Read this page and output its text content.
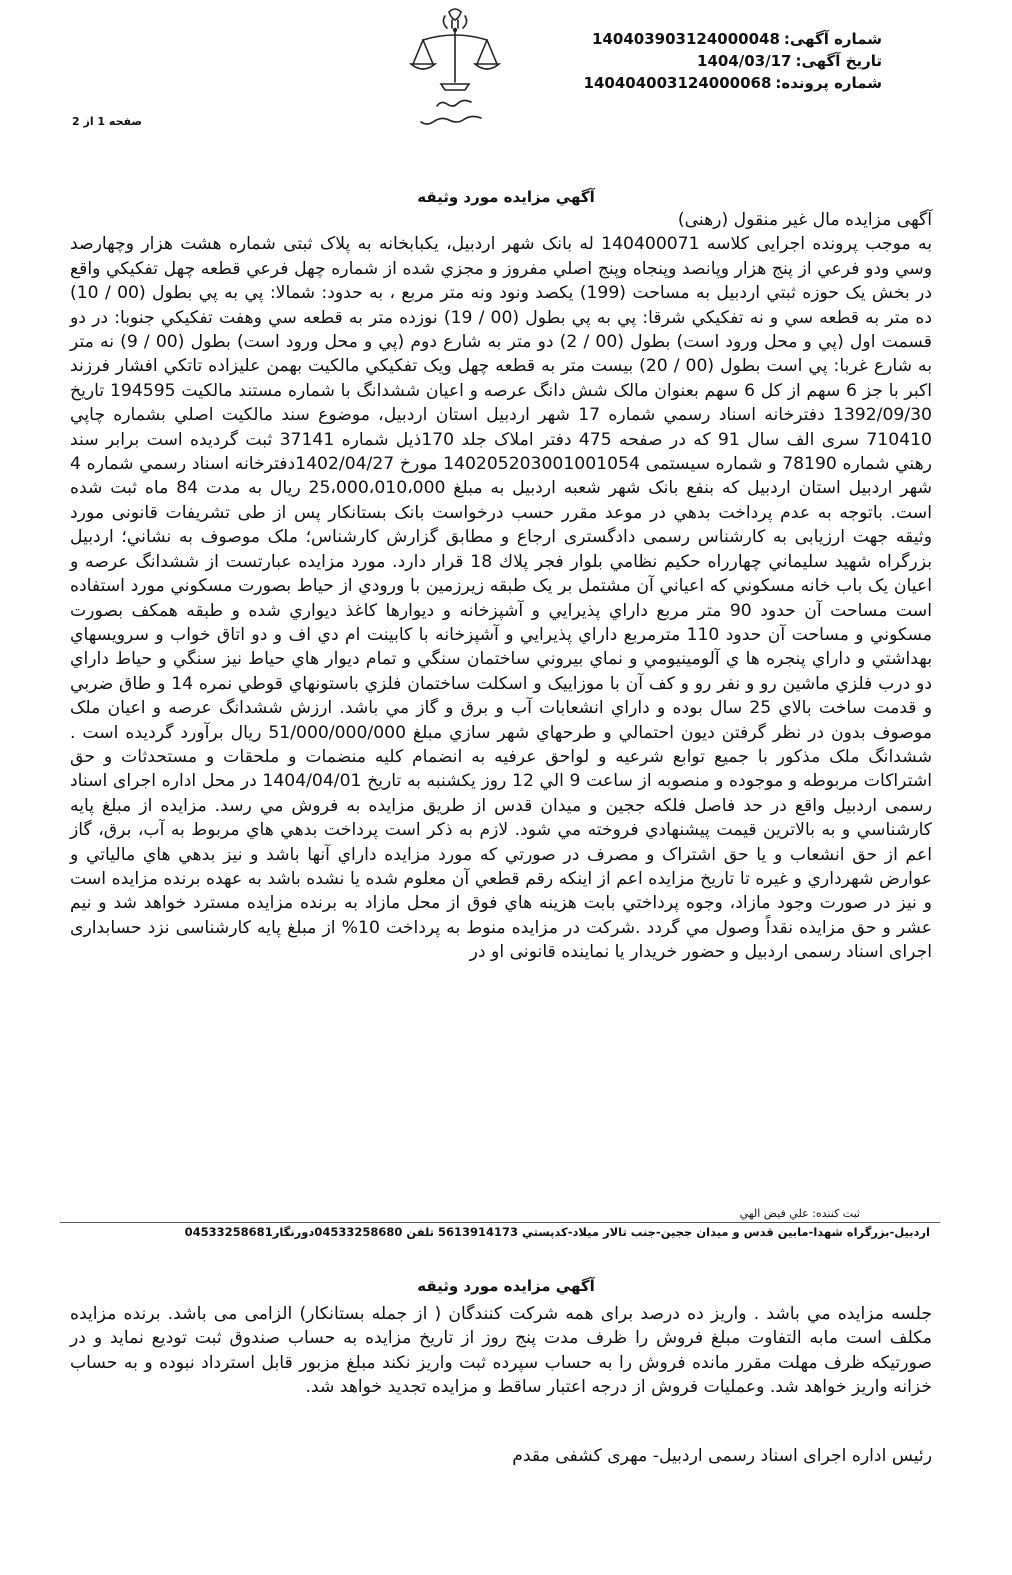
شماره آگهی:140403903124000048
تاریخ آگهی:1404/03/17
شماره پرونده:140404003124000068
صفحه 1 از 2
آگهي مزايده مورد وثيقه

آگهی مزایده مال غیر منقول (رهنی)

به موجب پرونده اجرایی کلاسه 140400071 له بانک شهر اردبیل، یکبابخانه به پلاک ثبتی شماره هشت هزار وچهارصد وسي ودو فرعي از پنج هزار وپانصد وپنجاه وپنج اصلي مفروز و مجزي شده از شماره چهل فرعي قطعه چهل تفکيکي واقع در بخش يک حوزه ثبتي اردبيل به مساحت (199) يکصد ونود ونه متر مربع ، به حدود: شمالا: پي به پي بطول (00 / 10) ده متر به قطعه سي و نه تفکيکي شرقا: پي به پي بطول (00 / 19) نوزده متر به قطعه سي وهفت تفکيکي جنوبا: در دو قسمت اول (پي و محل ورود است) بطول (00 / 2) دو متر به شارع دوم (پي و محل ورود است) بطول (00 / 9) نه متر به شارع غربا: پي است بطول (00 / 20) بيست متر به قطعه چهل ويک تفکيکي مالکيت بهمن عليزاده تاتکي افشار فرزند اکبر با جز 6 سهم از کل 6 سهم بعنوان مالک شش دانگ عرصه و اعيان ششدانگ با شماره مستند مالکيت 194595 تاريخ 1392/09/30 دفترخانه اسناد رسمي شماره 17 شهر اردبيل استان اردبيل، موضوع سند مالکيت اصلي بشماره چاپي 710410 سری الف سال 91 که در صفحه 475 دفتر املاک جلد 170ذيل شماره 37141 ثبت گرديده است برابر سند رهني شماره 78190 و شماره سيستمی 140205203001001054 مورخ 1402/04/27دفترخانه اسناد رسمي شماره 4 شهر اردبيل استان اردبيل که بنفع بانک شهر شعبه اردبيل به مبلغ 25،000،010،000 ريال به مدت 84 ماه ثبت شده است. باتوجه به عدم پرداخت بدهي در موعد مقرر حسب درخواست بانک بستانکار پس از طی تشريفات قانونی مورد وثيقه جهت ارزيابی به کارشناس رسمی دادگستری ارجاع و مطابق گزارش کارشناس؛ ملک موصوف به نشاني؛ اردبيل بزرگراه شهيد سليماني چهارراه حکيم نظامي بلوار فجر پلاك 18 قرار دارد. مورد مزايده عبارتست از ششدانگ عرصه و اعيان يک باب خانه مسکوني که اعياني آن مشتمل بر يک طبقه زيرزمين با ورودي از حياط بصورت مسکوني مورد استفاده است مساحت آن حدود 90 متر مربع داراي پذيرايي و آشپزخانه و ديوارها کاغذ ديواري شده و طبقه همکف بصورت مسکوني و مساحت آن حدود 110 مترمربع داراي پذيرايي و آشپزخانه با کابينت ام دي اف و دو اتاق خواب و سرويسهاي بهداشتي و داراي پنجره ها ي آلومينيومي و نماي بيروني ساختمان سنگي و تمام ديوار هاي حياط نيز سنگي و حياط داراي دو درب فلزي ماشين رو و نفر رو و کف آن با موزاييک و اسکلت ساختمان فلزي باستونهاي قوطي نمره 14 و طاق ضربي و قدمت ساخت بالاي 25 سال بوده و داراي انشعابات آب و برق و گاز مي باشد. ارزش ششدانگ عرصه و اعيان ملک موصوف بدون در نظر گرفتن ديون احتمالي و طرحهاي شهر سازي مبلغ 51/000/000/000 ريال برآورد گرديده است . ششدانگ ملک مذکور با جميع توابع شرعيه و لواحق عرفيه به انضمام کليه منضمات و ملحقات و مستحدثات و حق اشتراکات مربوطه و موجوده و منصوبه از ساعت 9 الي 12 روز يکشنبه به تاريخ 1404/04/01 در محل اداره اجرای اسناد رسمی اردبیل واقع در حد فاصل فلکه ججين و ميدان قدس از طريق مزايده به فروش مي رسد. مزايده از مبلغ پايه کارشناسي و به بالاترين قيمت پيشنهادي فروخته مي شود. لازم به ذکر است پرداخت بدهي هاي مربوط به آب، برق، گاز اعم از حق انشعاب و يا حق اشتراک و مصرف در صورتي که مورد مزايده داراي آنها باشد و نيز بدهي هاي مالياتي و عوارض شهرداري و غيره تا تاريخ مزايده اعم از اينکه رقم قطعي آن معلوم شده يا نشده باشد به عهده برنده مزايده است و نيز در صورت وجود مازاد، وجوه پرداختي بابت هزينه هاي فوق از محل مازاد به برنده مزايده مسترد خواهد شد و نيم عشر و حق مزايده نقداً وصول مي گردد .شرکت در مزايده منوط به پرداخت 10% از مبلغ پايه کارشناسی نزد حسابداری اجرای اسناد رسمی اردبيل و حضور خريدار يا نماينده قانونی او در

ثبت کننده: علي فيض الهي
اردبيل-بزرگراه شهدا-مابين قدس و ميدان ججين-جنب تالار ميلاد-کدپستي 5613914173 تلفن 04533258680دورنگار04533258681
آگهي مزايده مورد وثيقه

جلسه مزايده مي باشد . واریز ده درصد برای همه شرکت کنندگان ( از جمله بستانکار) الزامی می باشد. برنده مزايده مکلف است مابه التفاوت مبلغ فروش را ظرف مدت پنج روز از تاريخ مزايده به حساب صندوق ثبت توديع نمايد و در صورتيکه ظرف مهلت مقرر مانده فروش را به حساب سپرده ثبت واريز نکند مبلغ مزبور قابل استرداد نبوده و به حساب خزانه واريز خواهد شد. وعمليات فروش از درجه اعتبار ساقط و مزايده تجديد خواهد شد.

رئیس اداره اجرای اسناد رسمی اردبیل- مهری کشفی مقدم
